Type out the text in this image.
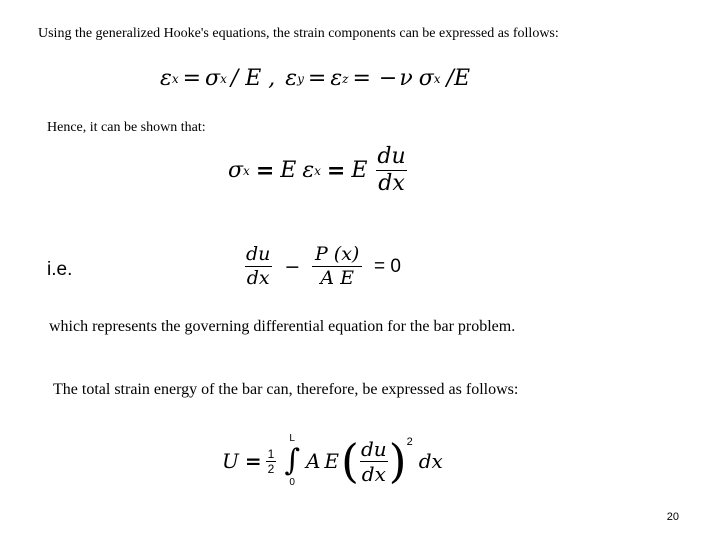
Using the generalized Hooke's equations, the strain components can be expressed as follows:
ε x = σ x / E , ε y = ε z = − ν σ x /E
Hence, it can be shown that:
σ x = E ε x = E $\frac{du}{dx}$
i.e.	$\frac{du}{dx} - \frac{P (x)}{\text{A E}} = 0$
which represents the governing differential equation for the bar problem.
The total strain energy of the bar can, therefore, be expressed as follows:
$U = \frac{1}{2}$
L
∫
0
A E ( $\frac{du}{dx}$ ) 2
dx
20
